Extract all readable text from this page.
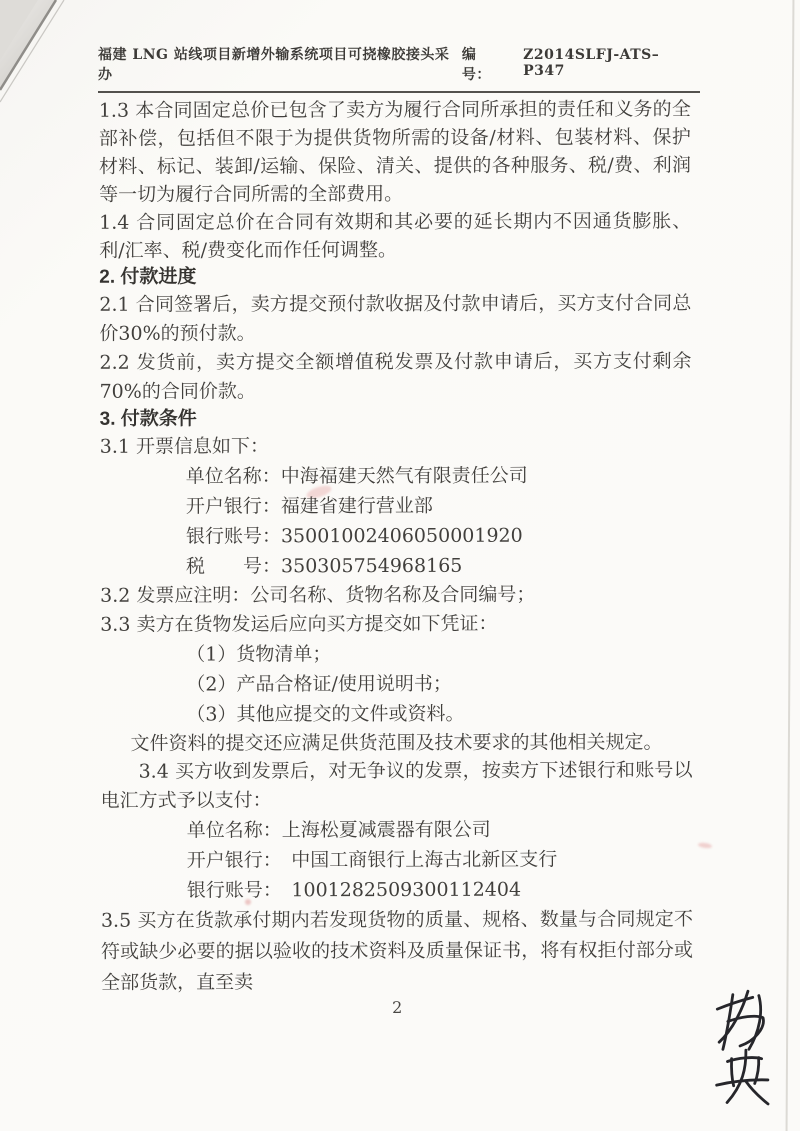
福建 LNG 站线项目新增外输系统项目可挠橡胶接头采办
编号：
Z2014SLFJ-ATS–P347

1.3 本合同固定总价已包含了卖方为履行合同所承担的责任和义务的全部补偿，包括但不限于为提供货物所需的设备/材料、包装材料、保护材料、标记、装卸/运输、保险、清关、提供的各种服务、税/费、利润等一切为履行合同所需的全部费用。

1.4 合同固定总价在合同有效期和其必要的延长期内不因通货膨胀、利/汇率、税/费变化而作任何调整。

2. 付款进度

2.1 合同签署后，卖方提交预付款收据及付款申请后，买方支付合同总价30%的预付款。

2.2 发货前，卖方提交全额增值税发票及付款申请后，买方支付剩余70%的合同价款。

3. 付款条件

3.1 开票信息如下：

单位名称：中海福建天然气有限责任公司
开户银行：福建省建行营业部
银行账号：35001002406050001920
税　　号：350305754968165

3.2 发票应注明：公司名称、货物名称及合同编号；

3.3 卖方在货物发运后应向买方提交如下凭证：

（1）货物清单；
（2）产品合格证/使用说明书；
（3）其他应提交的文件或资料。

文件资料的提交还应满足供货范围及技术要求的其他相关规定。

3.4 买方收到发票后，对无争议的发票，按卖方下述银行和账号以电汇方式予以支付：

单位名称：上海松夏减震器有限公司
开户银行：　中国工商银行上海古北新区支行
银行账号：　1001282509300112404

3.5 买方在货款承付期内若发现货物的质量、规格、数量与合同规定不符或缺少必要的据以验收的技术资料及质量保证书，将有权拒付部分或全部货款，直至卖

2
